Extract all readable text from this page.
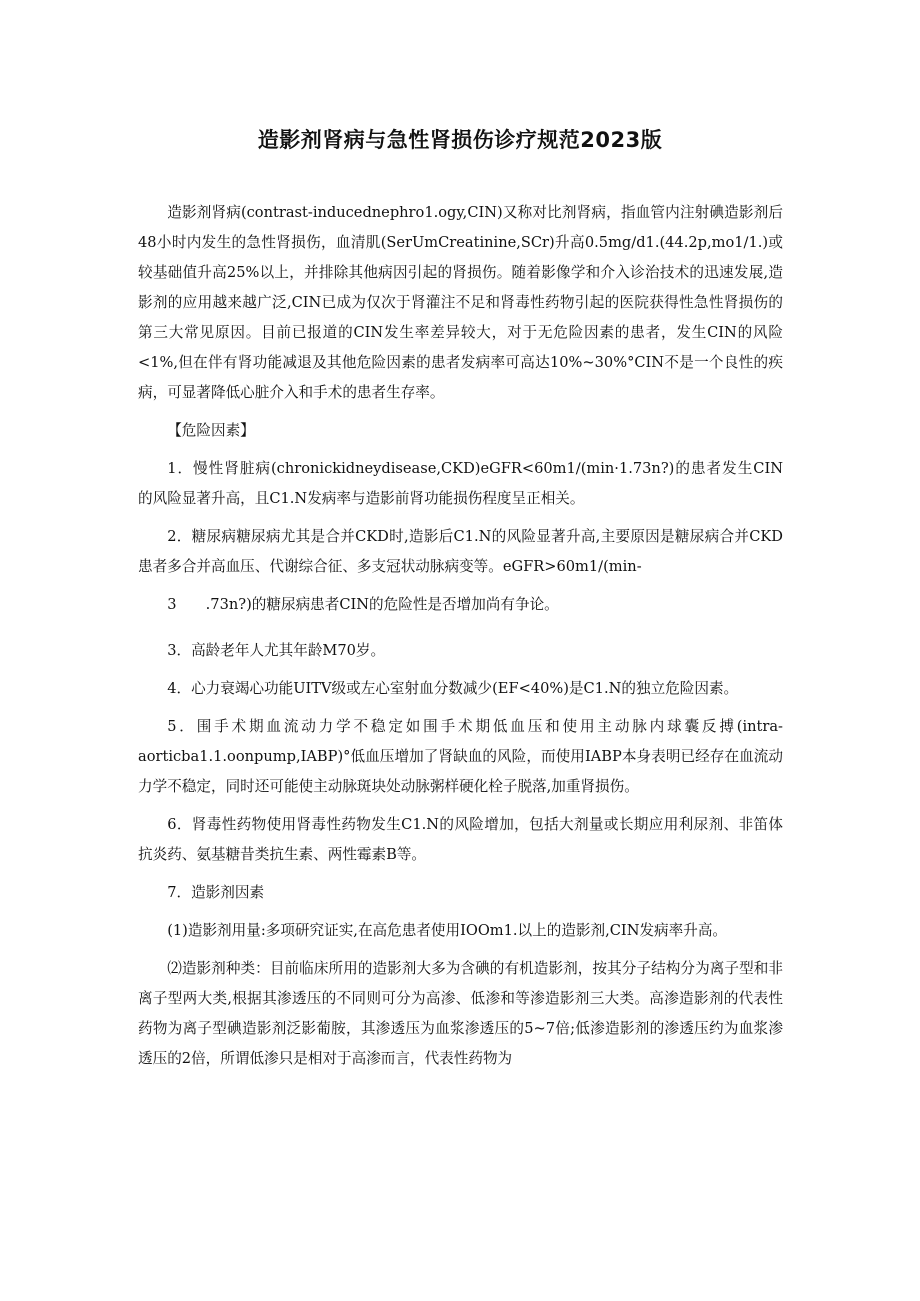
造影剂肾病与急性肾损伤诊疗规范2023版

造影剂肾病(contrast-inducednephro1.ogy,CIN)又称对比剂肾病，指血管内注射碘造影剂后48小时内发生的急性肾损伤，血清肌(SerUmCreatinine,SCr)升高0.5mg∕d1.(44.2p,mo1∕1.)或较基础值升高25%以上，并排除其他病因引起的肾损伤。随着影像学和介入诊治技术的迅速发展,造影剂的应用越来越广泛,CIN已成为仅次于肾灌注不足和肾毒性药物引起的医院获得性急性肾损伤的第三大常见原因。目前已报道的CIN发生率差异较大，对于无危险因素的患者，发生CIN的风险<1%,但在伴有肾功能减退及其他危险因素的患者发病率可高达10%~30%°CIN不是一个良性的疾病，可显著降低心脏介入和手术的患者生存率。

【危险因素】

1．慢性肾脏病(chronickidneydisease,CKD)eGFR<60m1∕(min·1.73n?)的患者发生CIN的风险显著升高，且C1.N发病率与造影前肾功能损伤程度呈正相关。

2．糖尿病糖尿病尤其是合并CKD时,造影后C1.N的风险显著升高,主要原因是糖尿病合并CKD患者多合并高血压、代谢综合征、多支冠状动脉病变等。eGFR>60m1∕(min-

3　　.73n?)的糖尿病患者CIN的危险性是否增加尚有争论。

3．高龄老年人尤其年龄M70岁。

4．心力衰竭心功能UITV级或左心室射血分数减少(EF<40%)是C1.N的独立危险因素。

5．围手术期血流动力学不稳定如围手术期低血压和使用主动脉内球囊反搏(intra-aorticba1.1.oonpump,IABP)°低血压增加了肾缺血的风险，而使用IABP本身表明已经存在血流动力学不稳定，同时还可能使主动脉斑块处动脉粥样硬化栓子脱落,加重肾损伤。

6．肾毒性药物使用肾毒性药物发生C1.N的风险增加，包括大剂量或长期应用利尿剂、非笛体抗炎药、氨基糖昔类抗生素、两性霉素B等。

7．造影剂因素

(1)造影剂用量:多项研究证实,在高危患者使用IOOm1.以上的造影剂,CIN发病率升高。

⑵造影剂种类：目前临床所用的造影剂大多为含碘的有机造影剂，按其分子结构分为离子型和非离子型两大类,根据其渗透压的不同则可分为高渗、低渗和等渗造影剂三大类。高渗造影剂的代表性药物为离子型碘造影剂泛影葡胺，其渗透压为血浆渗透压的5~7倍;低渗造影剂的渗透压约为血浆渗透压的2倍，所谓低渗只是相对于高渗而言，代表性药物为
